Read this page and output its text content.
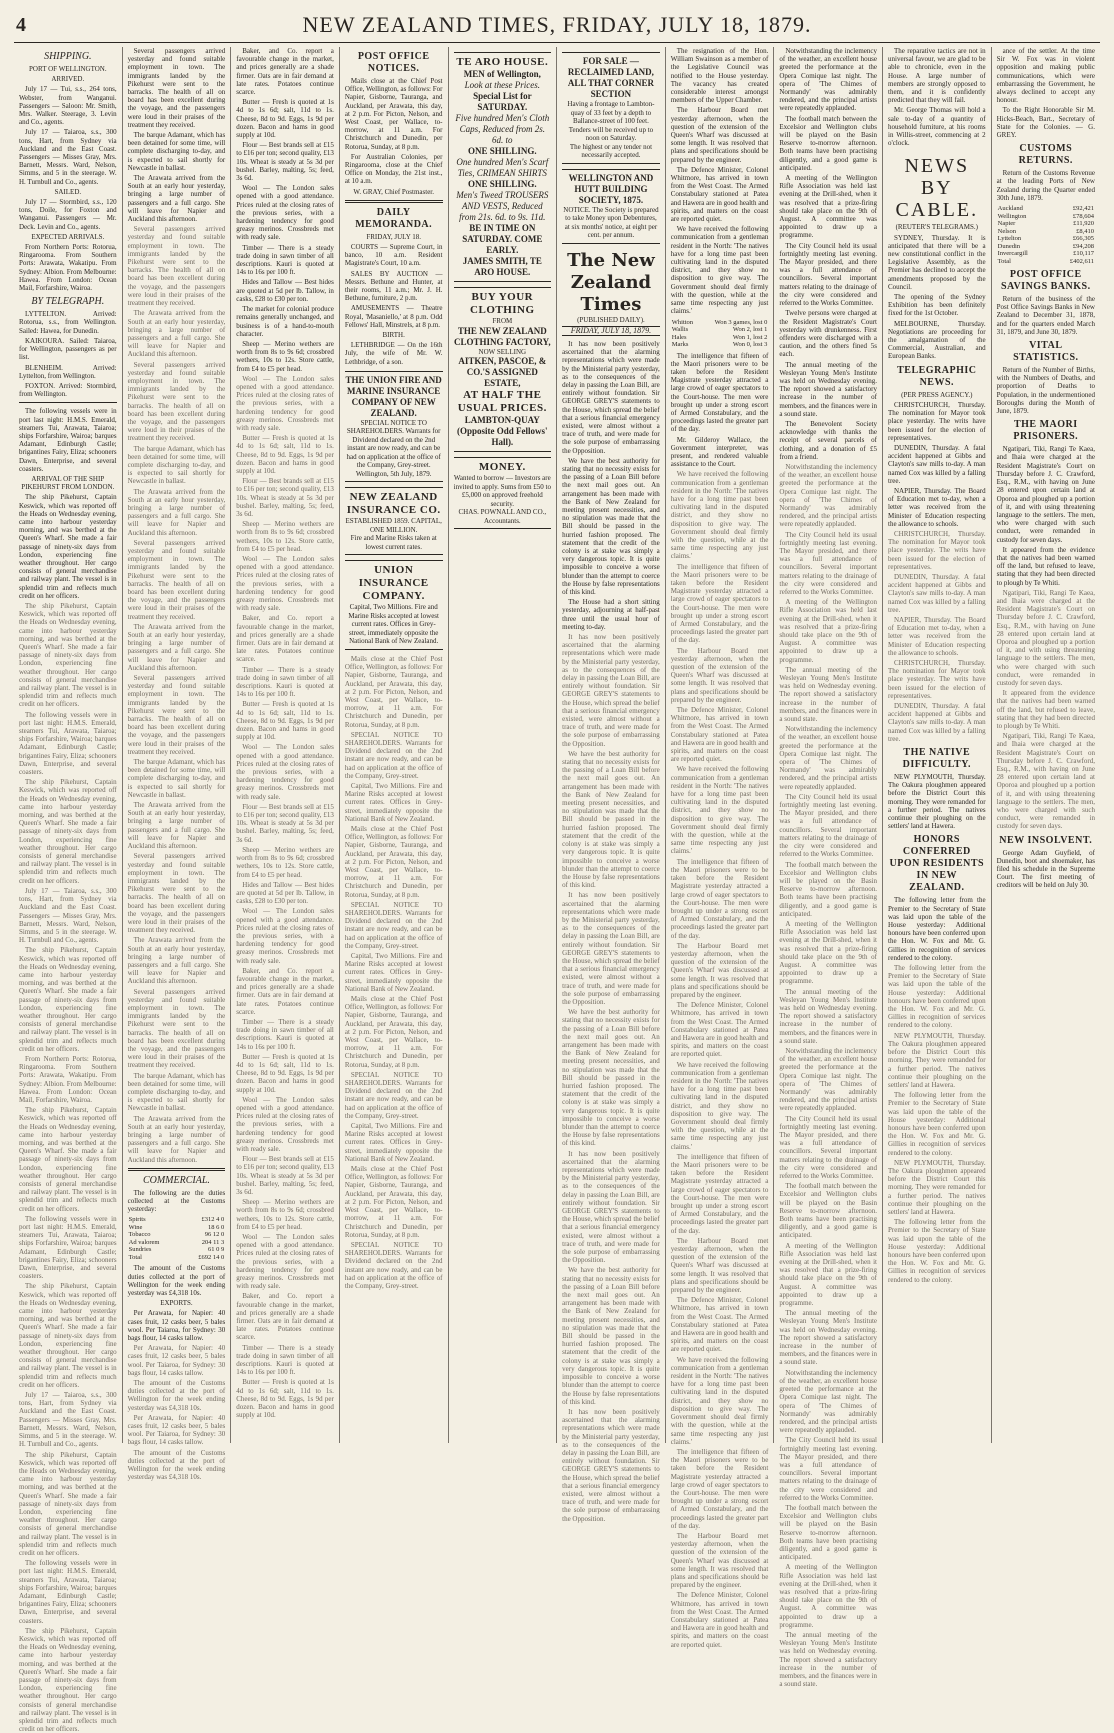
4	NEW ZEALAND TIMES, FRIDAY, JULY 18, 1879.
SHIPPING.
PORT OF WELLINGTON.
ARRIVED.

July 17 — Tui, s.s., 264 tons, Webster, from Wanganui. Passengers — Saloon: Mr. Smith, Mrs. Walker. Steerage, 3. Levin and Co., agents.

July 17 — Taiaroa, s.s., 300 tons, Hart, from Sydney via Auckland and the East Coast. Passengers — Misses Gray, Mrs. Barnett, Messrs. Ward, Nelson, Simms, and 5 in the steerage. W. H. Turnbull and Co., agents.

SAILED.

July 17 — Stormbird, s.s., 120 tons, Doile, for Foxton and Wanganui. Passengers — Mr. Deck. Levin and Co., agents.

EXPECTED ARRIVALS.

From Northern Ports: Rotorua, Ringarooma. From Southern Ports: Arawata, Wakatipu. From Sydney: Albion. From Melbourne: Hawea. From London: Ocean Mail, Forfarshire, Wairoa.

BY TELEGRAPH.

LYTTELTON. Arrived: Rotorua, s.s., from Wellington. Sailed: Hawea, for Dunedin.

KAIKOURA. Sailed: Taiaroa, for Wellington, passengers as per list.

BLENHEIM. Arrived: Lyttelton, from Wellington.

FOXTON. Arrived: Stormbird, from Wellington.

The following vessels were in port last night: H.M.S. Emerald, steamers Tui, Arawata, Taiaroa; ships Forfarshire, Wairoa; barques Adamant, Edinburgh Castle; brigantines Fairy, Eliza; schooners Dawn, Enterprise, and several coasters.

ARRIVAL OF THE SHIP PIKEHURST FROM LONDON.

The ship Pikehurst, Captain Keswick, which was reported off the Heads on Wednesday evening, came into harbour yesterday morning, and was berthed at the Queen's Wharf. She made a fair passage of ninety-six days from London, experiencing fine weather throughout. Her cargo consists of general merchandise and railway plant. The vessel is in splendid trim and reflects much credit on her officers.

The ship Pikehurst, Captain Keswick, which was reported off the Heads on Wednesday evening, came into harbour yesterday morning, and was berthed at the Queen's Wharf. She made a fair passage of ninety-six days from London, experiencing fine weather throughout. Her cargo consists of general merchandise and railway plant. The vessel is in splendid trim and reflects much credit on her officers.

The following vessels were in port last night: H.M.S. Emerald, steamers Tui, Arawata, Taiaroa; ships Forfarshire, Wairoa; barques Adamant, Edinburgh Castle; brigantines Fairy, Eliza; schooners Dawn, Enterprise, and several coasters.

The ship Pikehurst, Captain Keswick, which was reported off the Heads on Wednesday evening, came into harbour yesterday morning, and was berthed at the Queen's Wharf. She made a fair passage of ninety-six days from London, experiencing fine weather throughout. Her cargo consists of general merchandise and railway plant. The vessel is in splendid trim and reflects much credit on her officers.

July 17 — Taiaroa, s.s., 300 tons, Hart, from Sydney via Auckland and the East Coast. Passengers — Misses Gray, Mrs. Barnett, Messrs. Ward, Nelson, Simms, and 5 in the steerage. W. H. Turnbull and Co., agents.

The ship Pikehurst, Captain Keswick, which was reported off the Heads on Wednesday evening, came into harbour yesterday morning, and was berthed at the Queen's Wharf. She made a fair passage of ninety-six days from London, experiencing fine weather throughout. Her cargo consists of general merchandise and railway plant. The vessel is in splendid trim and reflects much credit on her officers.

From Northern Ports: Rotorua, Ringarooma. From Southern Ports: Arawata, Wakatipu. From Sydney: Albion. From Melbourne: Hawea. From London: Ocean Mail, Forfarshire, Wairoa.

The ship Pikehurst, Captain Keswick, which was reported off the Heads on Wednesday evening, came into harbour yesterday morning, and was berthed at the Queen's Wharf. She made a fair passage of ninety-six days from London, experiencing fine weather throughout. Her cargo consists of general merchandise and railway plant. The vessel is in splendid trim and reflects much credit on her officers.

The following vessels were in port last night: H.M.S. Emerald, steamers Tui, Arawata, Taiaroa; ships Forfarshire, Wairoa; barques Adamant, Edinburgh Castle; brigantines Fairy, Eliza; schooners Dawn, Enterprise, and several coasters.

The ship Pikehurst, Captain Keswick, which was reported off the Heads on Wednesday evening, came into harbour yesterday morning, and was berthed at the Queen's Wharf. She made a fair passage of ninety-six days from London, experiencing fine weather throughout. Her cargo consists of general merchandise and railway plant. The vessel is in splendid trim and reflects much credit on her officers.

July 17 — Taiaroa, s.s., 300 tons, Hart, from Sydney via Auckland and the East Coast. Passengers — Misses Gray, Mrs. Barnett, Messrs. Ward, Nelson, Simms, and 5 in the steerage. W. H. Turnbull and Co., agents.

The ship Pikehurst, Captain Keswick, which was reported off the Heads on Wednesday evening, came into harbour yesterday morning, and was berthed at the Queen's Wharf. She made a fair passage of ninety-six days from London, experiencing fine weather throughout. Her cargo consists of general merchandise and railway plant. The vessel is in splendid trim and reflects much credit on her officers.

The following vessels were in port last night: H.M.S. Emerald, steamers Tui, Arawata, Taiaroa; ships Forfarshire, Wairoa; barques Adamant, Edinburgh Castle; brigantines Fairy, Eliza; schooners Dawn, Enterprise, and several coasters.

The ship Pikehurst, Captain Keswick, which was reported off the Heads on Wednesday evening, came into harbour yesterday morning, and was berthed at the Queen's Wharf. She made a fair passage of ninety-six days from London, experiencing fine weather throughout. Her cargo consists of general merchandise and railway plant. The vessel is in splendid trim and reflects much credit on her officers.

Several passengers arrived yesterday and found suitable employment in town. The immigrants landed by the Pikehurst were sent to the barracks. The health of all on board has been excellent during the voyage, and the passengers were loud in their praises of the treatment they received.

The barque Adamant, which has been detained for some time, will complete discharging to-day, and is expected to sail shortly for Newcastle in ballast.

The Arawata arrived from the South at an early hour yesterday, bringing a large number of passengers and a full cargo. She will leave for Napier and Auckland this afternoon.

Several passengers arrived yesterday and found suitable employment in town. The immigrants landed by the Pikehurst were sent to the barracks. The health of all on board has been excellent during the voyage, and the passengers were loud in their praises of the treatment they received.

The Arawata arrived from the South at an early hour yesterday, bringing a large number of passengers and a full cargo. She will leave for Napier and Auckland this afternoon.

Several passengers arrived yesterday and found suitable employment in town. The immigrants landed by the Pikehurst were sent to the barracks. The health of all on board has been excellent during the voyage, and the passengers were loud in their praises of the treatment they received.

The barque Adamant, which has been detained for some time, will complete discharging to-day, and is expected to sail shortly for Newcastle in ballast.

The Arawata arrived from the South at an early hour yesterday, bringing a large number of passengers and a full cargo. She will leave for Napier and Auckland this afternoon.

Several passengers arrived yesterday and found suitable employment in town. The immigrants landed by the Pikehurst were sent to the barracks. The health of all on board has been excellent during the voyage, and the passengers were loud in their praises of the treatment they received.

The Arawata arrived from the South at an early hour yesterday, bringing a large number of passengers and a full cargo. She will leave for Napier and Auckland this afternoon.

Several passengers arrived yesterday and found suitable employment in town. The immigrants landed by the Pikehurst were sent to the barracks. The health of all on board has been excellent during the voyage, and the passengers were loud in their praises of the treatment they received.

The barque Adamant, which has been detained for some time, will complete discharging to-day, and is expected to sail shortly for Newcastle in ballast.

The Arawata arrived from the South at an early hour yesterday, bringing a large number of passengers and a full cargo. She will leave for Napier and Auckland this afternoon.

Several passengers arrived yesterday and found suitable employment in town. The immigrants landed by the Pikehurst were sent to the barracks. The health of all on board has been excellent during the voyage, and the passengers were loud in their praises of the treatment they received.

The Arawata arrived from the South at an early hour yesterday, bringing a large number of passengers and a full cargo. She will leave for Napier and Auckland this afternoon.

Several passengers arrived yesterday and found suitable employment in town. The immigrants landed by the Pikehurst were sent to the barracks. The health of all on board has been excellent during the voyage, and the passengers were loud in their praises of the treatment they received.

The barque Adamant, which has been detained for some time, will complete discharging to-day, and is expected to sail shortly for Newcastle in ballast.

The Arawata arrived from the South at an early hour yesterday, bringing a large number of passengers and a full cargo. She will leave for Napier and Auckland this afternoon.

COMMERCIAL.

The following are the duties collected at the Customs yesterday:

Spirits	£312 4 0
Wine	18 6 0
Tobacco	96 12 0
Ad valorem	204 11 3
Sundries	61 0 9
Total	£692 14 0

The amount of the Customs duties collected at the port of Wellington for the week ending yesterday was £4,318 10s.

EXPORTS.

Per Arawata, for Napier: 40 cases fruit, 12 casks beer, 5 bales wool. Per Taiaroa, for Sydney: 30 bags flour, 14 casks tallow.

Per Arawata, for Napier: 40 cases fruit, 12 casks beer, 5 bales wool. Per Taiaroa, for Sydney: 30 bags flour, 14 casks tallow.

The amount of the Customs duties collected at the port of Wellington for the week ending yesterday was £4,318 10s.

Per Arawata, for Napier: 40 cases fruit, 12 casks beer, 5 bales wool. Per Taiaroa, for Sydney: 30 bags flour, 14 casks tallow.

The amount of the Customs duties collected at the port of Wellington for the week ending yesterday was £4,318 10s.

Baker, and Co. report a favourable change in the market, and prices generally are a shade firmer. Oats are in fair demand at late rates. Potatoes continue scarce.

Butter — Fresh is quoted at 1s 4d to 1s 6d; salt, 11d to 1s. Cheese, 8d to 9d. Eggs, 1s 9d per dozen. Bacon and hams in good supply at 10d.

Flour — Best brands sell at £15 to £16 per ton; second quality, £13 10s. Wheat is steady at 5s 3d per bushel. Barley, malting, 5s; feed, 3s 6d.

Wool — The London sales opened with a good attendance. Prices ruled at the closing rates of the previous series, with a hardening tendency for good greasy merinos. Crossbreds met with ready sale.

Timber — There is a steady trade doing in sawn timber of all descriptions. Kauri is quoted at 14s to 16s per 100 ft.

Hides and Tallow — Best hides are quoted at 5d per lb. Tallow, in casks, £28 to £30 per ton.

The market for colonial produce remains generally unchanged, and business is of a hand-to-mouth character.

Sheep — Merino wethers are worth from 8s to 9s 6d; crossbred wethers, 10s to 12s. Store cattle, from £4 to £5 per head.

Wool — The London sales opened with a good attendance. Prices ruled at the closing rates of the previous series, with a hardening tendency for good greasy merinos. Crossbreds met with ready sale.

Butter — Fresh is quoted at 1s 4d to 1s 6d; salt, 11d to 1s. Cheese, 8d to 9d. Eggs, 1s 9d per dozen. Bacon and hams in good supply at 10d.

Flour — Best brands sell at £15 to £16 per ton; second quality, £13 10s. Wheat is steady at 5s 3d per bushel. Barley, malting, 5s; feed, 3s 6d.

Sheep — Merino wethers are worth from 8s to 9s 6d; crossbred wethers, 10s to 12s. Store cattle, from £4 to £5 per head.

Wool — The London sales opened with a good attendance. Prices ruled at the closing rates of the previous series, with a hardening tendency for good greasy merinos. Crossbreds met with ready sale.

Baker, and Co. report a favourable change in the market, and prices generally are a shade firmer. Oats are in fair demand at late rates. Potatoes continue scarce.

Timber — There is a steady trade doing in sawn timber of all descriptions. Kauri is quoted at 14s to 16s per 100 ft.

Butter — Fresh is quoted at 1s 4d to 1s 6d; salt, 11d to 1s. Cheese, 8d to 9d. Eggs, 1s 9d per dozen. Bacon and hams in good supply at 10d.

Wool — The London sales opened with a good attendance. Prices ruled at the closing rates of the previous series, with a hardening tendency for good greasy merinos. Crossbreds met with ready sale.

Flour — Best brands sell at £15 to £16 per ton; second quality, £13 10s. Wheat is steady at 5s 3d per bushel. Barley, malting, 5s; feed, 3s 6d.

Sheep — Merino wethers are worth from 8s to 9s 6d; crossbred wethers, 10s to 12s. Store cattle, from £4 to £5 per head.

Hides and Tallow — Best hides are quoted at 5d per lb. Tallow, in casks, £28 to £30 per ton.

Wool — The London sales opened with a good attendance. Prices ruled at the closing rates of the previous series, with a hardening tendency for good greasy merinos. Crossbreds met with ready sale.

Baker, and Co. report a favourable change in the market, and prices generally are a shade firmer. Oats are in fair demand at late rates. Potatoes continue scarce.

Timber — There is a steady trade doing in sawn timber of all descriptions. Kauri is quoted at 14s to 16s per 100 ft.

Butter — Fresh is quoted at 1s 4d to 1s 6d; salt, 11d to 1s. Cheese, 8d to 9d. Eggs, 1s 9d per dozen. Bacon and hams in good supply at 10d.

Wool — The London sales opened with a good attendance. Prices ruled at the closing rates of the previous series, with a hardening tendency for good greasy merinos. Crossbreds met with ready sale.

Flour — Best brands sell at £15 to £16 per ton; second quality, £13 10s. Wheat is steady at 5s 3d per bushel. Barley, malting, 5s; feed, 3s 6d.

Sheep — Merino wethers are worth from 8s to 9s 6d; crossbred wethers, 10s to 12s. Store cattle, from £4 to £5 per head.

Wool — The London sales opened with a good attendance. Prices ruled at the closing rates of the previous series, with a hardening tendency for good greasy merinos. Crossbreds met with ready sale.

Baker, and Co. report a favourable change in the market, and prices generally are a shade firmer. Oats are in fair demand at late rates. Potatoes continue scarce.

Timber — There is a steady trade doing in sawn timber of all descriptions. Kauri is quoted at 14s to 16s per 100 ft.

Butter — Fresh is quoted at 1s 4d to 1s 6d; salt, 11d to 1s. Cheese, 8d to 9d. Eggs, 1s 9d per dozen. Bacon and hams in good supply at 10d.

POST OFFICE NOTICES.

Mails close at the Chief Post Office, Wellington, as follows: For Napier, Gisborne, Tauranga, and Auckland, per Arawata, this day, at 2 p.m. For Picton, Nelson, and West Coast, per Wallace, to-morrow, at 11 a.m. For Christchurch and Dunedin, per Rotorua, Sunday, at 8 p.m.

For Australian Colonies, per Ringarooma, close at the Chief Office on Monday, the 21st inst., at 10 a.m.

W. GRAY, Chief Postmaster.
DAILY MEMORANDA.
FRIDAY, JULY 18.

COURTS — Supreme Court, in banco, 10 a.m. Resident Magistrate's Court, 10 a.m.

SALES BY AUCTION — Messrs. Bethune and Hunter, at their rooms, 11 a.m.; Mr. J. H. Bethune, furniture, 2 p.m.

AMUSEMENTS — Theatre Royal, 'Masaniello,' at 8 p.m. Odd Fellows' Hall, Minstrels, at 8 p.m.

BIRTH.

LETHBRIDGE — On the 16th July, the wife of Mr. W. Lethbridge, of a son.

THE UNION FIRE AND MARINE INSURANCE COMPANY OF NEW ZEALAND.
SPECIAL NOTICE TO SHAREHOLDERS. Warrants for Dividend declared on the 2nd instant are now ready, and can be had on application at the office of the Company, Grey-street.
Wellington, 5th July, 1879.
NEW ZEALAND INSURANCE CO.
ESTABLISHED 1859. CAPITAL, ONE MILLION.
Fire and Marine Risks taken at lowest current rates.
UNION INSURANCE COMPANY.
Capital, Two Millions. Fire and Marine Risks accepted at lowest current rates. Offices in Grey-street, immediately opposite the National Bank of New Zealand.

Mails close at the Chief Post Office, Wellington, as follows: For Napier, Gisborne, Tauranga, and Auckland, per Arawata, this day, at 2 p.m. For Picton, Nelson, and West Coast, per Wallace, to-morrow, at 11 a.m. For Christchurch and Dunedin, per Rotorua, Sunday, at 8 p.m.

SPECIAL NOTICE TO SHAREHOLDERS. Warrants for Dividend declared on the 2nd instant are now ready, and can be had on application at the office of the Company, Grey-street.

Capital, Two Millions. Fire and Marine Risks accepted at lowest current rates. Offices in Grey-street, immediately opposite the National Bank of New Zealand.

Mails close at the Chief Post Office, Wellington, as follows: For Napier, Gisborne, Tauranga, and Auckland, per Arawata, this day, at 2 p.m. For Picton, Nelson, and West Coast, per Wallace, to-morrow, at 11 a.m. For Christchurch and Dunedin, per Rotorua, Sunday, at 8 p.m.

SPECIAL NOTICE TO SHAREHOLDERS. Warrants for Dividend declared on the 2nd instant are now ready, and can be had on application at the office of the Company, Grey-street.

Capital, Two Millions. Fire and Marine Risks accepted at lowest current rates. Offices in Grey-street, immediately opposite the National Bank of New Zealand.

Mails close at the Chief Post Office, Wellington, as follows: For Napier, Gisborne, Tauranga, and Auckland, per Arawata, this day, at 2 p.m. For Picton, Nelson, and West Coast, per Wallace, to-morrow, at 11 a.m. For Christchurch and Dunedin, per Rotorua, Sunday, at 8 p.m.

SPECIAL NOTICE TO SHAREHOLDERS. Warrants for Dividend declared on the 2nd instant are now ready, and can be had on application at the office of the Company, Grey-street.

Capital, Two Millions. Fire and Marine Risks accepted at lowest current rates. Offices in Grey-street, immediately opposite the National Bank of New Zealand.

Mails close at the Chief Post Office, Wellington, as follows: For Napier, Gisborne, Tauranga, and Auckland, per Arawata, this day, at 2 p.m. For Picton, Nelson, and West Coast, per Wallace, to-morrow, at 11 a.m. For Christchurch and Dunedin, per Rotorua, Sunday, at 8 p.m.

SPECIAL NOTICE TO SHAREHOLDERS. Warrants for Dividend declared on the 2nd instant are now ready, and can be had on application at the office of the Company, Grey-street.

TE ARO HOUSE.
MEN of Wellington,
Look at these Prices.
Special List for SATURDAY.
Five hundred Men's Cloth Caps, Reduced from 2s. 6d. to
ONE SHILLING.
One hundred Men's Scarf Ties, CRIMEAN SHIRTS
ONE SHILLING.
Men's Tweed TROUSERS AND VESTS, Reduced from 21s. 6d. to 9s. 11d.
BE IN TIME ON SATURDAY. COME EARLY.
JAMES SMITH, TE ARO HOUSE.
BUY YOUR CLOTHING
FROM
THE NEW ZEALAND CLOTHING FACTORY,
NOW SELLING
AITKEN, PASCOE, & CO.'S ASSIGNED ESTATE,
AT HALF THE USUAL PRICES.
LAMBTON-QUAY (Opposite Odd Fellows' Hall).
MONEY.
Wanted to borrow — Investors are invited to apply. Sums from £50 to £5,000 on approved freehold security.
CHAS. POWNALL AND CO., Accountants.
FOR SALE — RECLAIMED LAND, ALL THAT CORNER SECTION
Having a frontage to Lambton-quay of 33 feet by a depth to Ballance-street of 100 feet. Tenders will be received up to noon on Saturday.
The highest or any tender not necessarily accepted.
WELLINGTON AND HUTT BUILDING SOCIETY, 1875.
NOTICE. The Society is prepared to take Money upon Debentures, at six months' notice, at eight per cent. per annum.
The New Zealand Times
(PUBLISHED DAILY).
FRIDAY, JULY 18, 1879.

It has now been positively ascertained that the alarming representations which were made by the Ministerial party yesterday, as to the consequences of the delay in passing the Loan Bill, are entirely without foundation. Sir GEORGE GREY'S statements to the House, which spread the belief that a serious financial emergency existed, were almost without a trace of truth, and were made for the sole purpose of embarrassing the Opposition.

We have the best authority for stating that no necessity exists for the passing of a Loan Bill before the next mail goes out. An arrangement has been made with the Bank of New Zealand for meeting present necessities, and no stipulation was made that the Bill should be passed in the hurried fashion proposed. The statement that the credit of the colony is at stake was simply a very dangerous topic. It is quite impossible to conceive a worse blunder than the attempt to coerce the House by false representations of this kind.

The House had a short sitting yesterday, adjourning at half-past three until the usual hour of meeting to-day.

It has now been positively ascertained that the alarming representations which were made by the Ministerial party yesterday, as to the consequences of the delay in passing the Loan Bill, are entirely without foundation. Sir GEORGE GREY'S statements to the House, which spread the belief that a serious financial emergency existed, were almost without a trace of truth, and were made for the sole purpose of embarrassing the Opposition.

We have the best authority for stating that no necessity exists for the passing of a Loan Bill before the next mail goes out. An arrangement has been made with the Bank of New Zealand for meeting present necessities, and no stipulation was made that the Bill should be passed in the hurried fashion proposed. The statement that the credit of the colony is at stake was simply a very dangerous topic. It is quite impossible to conceive a worse blunder than the attempt to coerce the House by false representations of this kind.

It has now been positively ascertained that the alarming representations which were made by the Ministerial party yesterday, as to the consequences of the delay in passing the Loan Bill, are entirely without foundation. Sir GEORGE GREY'S statements to the House, which spread the belief that a serious financial emergency existed, were almost without a trace of truth, and were made for the sole purpose of embarrassing the Opposition.

We have the best authority for stating that no necessity exists for the passing of a Loan Bill before the next mail goes out. An arrangement has been made with the Bank of New Zealand for meeting present necessities, and no stipulation was made that the Bill should be passed in the hurried fashion proposed. The statement that the credit of the colony is at stake was simply a very dangerous topic. It is quite impossible to conceive a worse blunder than the attempt to coerce the House by false representations of this kind.

It has now been positively ascertained that the alarming representations which were made by the Ministerial party yesterday, as to the consequences of the delay in passing the Loan Bill, are entirely without foundation. Sir GEORGE GREY'S statements to the House, which spread the belief that a serious financial emergency existed, were almost without a trace of truth, and were made for the sole purpose of embarrassing the Opposition.

We have the best authority for stating that no necessity exists for the passing of a Loan Bill before the next mail goes out. An arrangement has been made with the Bank of New Zealand for meeting present necessities, and no stipulation was made that the Bill should be passed in the hurried fashion proposed. The statement that the credit of the colony is at stake was simply a very dangerous topic. It is quite impossible to conceive a worse blunder than the attempt to coerce the House by false representations of this kind.

It has now been positively ascertained that the alarming representations which were made by the Ministerial party yesterday, as to the consequences of the delay in passing the Loan Bill, are entirely without foundation. Sir GEORGE GREY'S statements to the House, which spread the belief that a serious financial emergency existed, were almost without a trace of truth, and were made for the sole purpose of embarrassing the Opposition.

The resignation of the Hon. William Swainson as a member of the Legislative Council was notified to the House yesterday. The vacancy has created considerable interest amongst members of the Upper Chamber.

The Harbour Board met yesterday afternoon, when the question of the extension of the Queen's Wharf was discussed at some length. It was resolved that plans and specifications should be prepared by the engineer.

The Defence Minister, Colonel Whitmore, has arrived in town from the West Coast. The Armed Constabulary stationed at Patea and Hawera are in good health and spirits, and matters on the coast are reported quiet.

We have received the following communication from a gentleman resident in the North: 'The natives have for a long time past been cultivating land in the disputed district, and they show no disposition to give way. The Government should deal firmly with the question, while at the same time respecting any just claims.'

Whitton	Won 3 games, lost 0
Wallis	Won 2, lost 1
Hales	Won 1, lost 2
Marks	Won 0, lost 3

The intelligence that fifteen of the Maori prisoners were to be taken before the Resident Magistrate yesterday attracted a large crowd of eager spectators to the Court-house. The men were brought up under a strong escort of Armed Constabulary, and the proceedings lasted the greater part of the day.

Mr. Gilderoy Wallace, the Government interpreter, was present, and rendered valuable assistance to the Court.

We have received the following communication from a gentleman resident in the North: 'The natives have for a long time past been cultivating land in the disputed district, and they show no disposition to give way. The Government should deal firmly with the question, while at the same time respecting any just claims.'

The intelligence that fifteen of the Maori prisoners were to be taken before the Resident Magistrate yesterday attracted a large crowd of eager spectators to the Court-house. The men were brought up under a strong escort of Armed Constabulary, and the proceedings lasted the greater part of the day.

The Harbour Board met yesterday afternoon, when the question of the extension of the Queen's Wharf was discussed at some length. It was resolved that plans and specifications should be prepared by the engineer.

The Defence Minister, Colonel Whitmore, has arrived in town from the West Coast. The Armed Constabulary stationed at Patea and Hawera are in good health and spirits, and matters on the coast are reported quiet.

We have received the following communication from a gentleman resident in the North: 'The natives have for a long time past been cultivating land in the disputed district, and they show no disposition to give way. The Government should deal firmly with the question, while at the same time respecting any just claims.'

The intelligence that fifteen of the Maori prisoners were to be taken before the Resident Magistrate yesterday attracted a large crowd of eager spectators to the Court-house. The men were brought up under a strong escort of Armed Constabulary, and the proceedings lasted the greater part of the day.

The Harbour Board met yesterday afternoon, when the question of the extension of the Queen's Wharf was discussed at some length. It was resolved that plans and specifications should be prepared by the engineer.

The Defence Minister, Colonel Whitmore, has arrived in town from the West Coast. The Armed Constabulary stationed at Patea and Hawera are in good health and spirits, and matters on the coast are reported quiet.

We have received the following communication from a gentleman resident in the North: 'The natives have for a long time past been cultivating land in the disputed district, and they show no disposition to give way. The Government should deal firmly with the question, while at the same time respecting any just claims.'

The intelligence that fifteen of the Maori prisoners were to be taken before the Resident Magistrate yesterday attracted a large crowd of eager spectators to the Court-house. The men were brought up under a strong escort of Armed Constabulary, and the proceedings lasted the greater part of the day.

The Harbour Board met yesterday afternoon, when the question of the extension of the Queen's Wharf was discussed at some length. It was resolved that plans and specifications should be prepared by the engineer.

The Defence Minister, Colonel Whitmore, has arrived in town from the West Coast. The Armed Constabulary stationed at Patea and Hawera are in good health and spirits, and matters on the coast are reported quiet.

We have received the following communication from a gentleman resident in the North: 'The natives have for a long time past been cultivating land in the disputed district, and they show no disposition to give way. The Government should deal firmly with the question, while at the same time respecting any just claims.'

The intelligence that fifteen of the Maori prisoners were to be taken before the Resident Magistrate yesterday attracted a large crowd of eager spectators to the Court-house. The men were brought up under a strong escort of Armed Constabulary, and the proceedings lasted the greater part of the day.

The Harbour Board met yesterday afternoon, when the question of the extension of the Queen's Wharf was discussed at some length. It was resolved that plans and specifications should be prepared by the engineer.

The Defence Minister, Colonel Whitmore, has arrived in town from the West Coast. The Armed Constabulary stationed at Patea and Hawera are in good health and spirits, and matters on the coast are reported quiet.

Notwithstanding the inclemency of the weather, an excellent house greeted the performance at the Opera Comique last night. The opera of 'The Chimes of Normandy' was admirably rendered, and the principal artists were repeatedly applauded.

The football match between the Excelsior and Wellington clubs will be played on the Basin Reserve to-morrow afternoon. Both teams have been practising diligently, and a good game is anticipated.

A meeting of the Wellington Rifle Association was held last evening at the Drill-shed, when it was resolved that a prize-firing should take place on the 9th of August. A committee was appointed to draw up a programme.

The City Council held its usual fortnightly meeting last evening. The Mayor presided, and there was a full attendance of councillors. Several important matters relating to the drainage of the city were considered and referred to the Works Committee.

Twelve persons were charged at the Resident Magistrate's Court yesterday with drunkenness. First offenders were discharged with a caution, and the others fined 5s each.

The annual meeting of the Wesleyan Young Men's Institute was held on Wednesday evening. The report showed a satisfactory increase in the number of members, and the finances were in a sound state.

The Benevolent Society acknowledge with thanks the receipt of several parcels of clothing, and a donation of £5 from a friend.

Notwithstanding the inclemency of the weather, an excellent house greeted the performance at the Opera Comique last night. The opera of 'The Chimes of Normandy' was admirably rendered, and the principal artists were repeatedly applauded.

The City Council held its usual fortnightly meeting last evening. The Mayor presided, and there was a full attendance of councillors. Several important matters relating to the drainage of the city were considered and referred to the Works Committee.

A meeting of the Wellington Rifle Association was held last evening at the Drill-shed, when it was resolved that a prize-firing should take place on the 9th of August. A committee was appointed to draw up a programme.

The annual meeting of the Wesleyan Young Men's Institute was held on Wednesday evening. The report showed a satisfactory increase in the number of members, and the finances were in a sound state.

Notwithstanding the inclemency of the weather, an excellent house greeted the performance at the Opera Comique last night. The opera of 'The Chimes of Normandy' was admirably rendered, and the principal artists were repeatedly applauded.

The City Council held its usual fortnightly meeting last evening. The Mayor presided, and there was a full attendance of councillors. Several important matters relating to the drainage of the city were considered and referred to the Works Committee.

The football match between the Excelsior and Wellington clubs will be played on the Basin Reserve to-morrow afternoon. Both teams have been practising diligently, and a good game is anticipated.

A meeting of the Wellington Rifle Association was held last evening at the Drill-shed, when it was resolved that a prize-firing should take place on the 9th of August. A committee was appointed to draw up a programme.

The annual meeting of the Wesleyan Young Men's Institute was held on Wednesday evening. The report showed a satisfactory increase in the number of members, and the finances were in a sound state.

Notwithstanding the inclemency of the weather, an excellent house greeted the performance at the Opera Comique last night. The opera of 'The Chimes of Normandy' was admirably rendered, and the principal artists were repeatedly applauded.

The City Council held its usual fortnightly meeting last evening. The Mayor presided, and there was a full attendance of councillors. Several important matters relating to the drainage of the city were considered and referred to the Works Committee.

The football match between the Excelsior and Wellington clubs will be played on the Basin Reserve to-morrow afternoon. Both teams have been practising diligently, and a good game is anticipated.

A meeting of the Wellington Rifle Association was held last evening at the Drill-shed, when it was resolved that a prize-firing should take place on the 9th of August. A committee was appointed to draw up a programme.

The annual meeting of the Wesleyan Young Men's Institute was held on Wednesday evening. The report showed a satisfactory increase in the number of members, and the finances were in a sound state.

Notwithstanding the inclemency of the weather, an excellent house greeted the performance at the Opera Comique last night. The opera of 'The Chimes of Normandy' was admirably rendered, and the principal artists were repeatedly applauded.

The City Council held its usual fortnightly meeting last evening. The Mayor presided, and there was a full attendance of councillors. Several important matters relating to the drainage of the city were considered and referred to the Works Committee.

The football match between the Excelsior and Wellington clubs will be played on the Basin Reserve to-morrow afternoon. Both teams have been practising diligently, and a good game is anticipated.

A meeting of the Wellington Rifle Association was held last evening at the Drill-shed, when it was resolved that a prize-firing should take place on the 9th of August. A committee was appointed to draw up a programme.

The annual meeting of the Wesleyan Young Men's Institute was held on Wednesday evening. The report showed a satisfactory increase in the number of members, and the finances were in a sound state.

The reparative tactics are not in universal favour, we are glad to be able to chronicle, even in the House. A large number of members are strongly opposed to them, and it is confidently predicted that they will fail.

Mr. George Thomas will hold a sale to-day of a quantity of household furniture, at his rooms in Willis-street, commencing at 2 o'clock.

NEWS BY CABLE.
(REUTER'S TELEGRAMS.)

SYDNEY, Thursday. It is anticipated that there will be a new constitutional conflict in the Legislative Assembly, as the Premier has declined to accept the amendments proposed by the Council.

The opening of the Sydney Exhibition has been definitely fixed for the 1st October.

MELBOURNE, Thursday. Negotiations are proceeding for the amalgamation of the Commercial, Australian, and European Banks.

TELEGRAPHIC NEWS.
(PER PRESS AGENCY.)

CHRISTCHURCH, Thursday. The nomination for Mayor took place yesterday. The writs have been issued for the election of representatives.

DUNEDIN, Thursday. A fatal accident happened at Gibbs and Clayton's saw mills to-day. A man named Cox was killed by a falling tree.

NAPIER, Thursday. The Board of Education met to-day, when a letter was received from the Minister of Education respecting the allowance to schools.

CHRISTCHURCH, Thursday. The nomination for Mayor took place yesterday. The writs have been issued for the election of representatives.

DUNEDIN, Thursday. A fatal accident happened at Gibbs and Clayton's saw mills to-day. A man named Cox was killed by a falling tree.

NAPIER, Thursday. The Board of Education met to-day, when a letter was received from the Minister of Education respecting the allowance to schools.

CHRISTCHURCH, Thursday. The nomination for Mayor took place yesterday. The writs have been issued for the election of representatives.

DUNEDIN, Thursday. A fatal accident happened at Gibbs and Clayton's saw mills to-day. A man named Cox was killed by a falling tree.

THE NATIVE DIFFICULTY.

NEW PLYMOUTH, Thursday. The Oakura ploughmen appeared before the District Court this morning. They were remanded for a further period. The natives continue their ploughing on the settlers' land at Hawera.

HONORS CONFERRED UPON RESIDENTS IN NEW ZEALAND.

The following letter from the Premier to the Secretary of State was laid upon the table of the House yesterday: Additional honours have been conferred upon the Hon. W. Fox and Mr. G. Gillies in recognition of services rendered to the colony.

The following letter from the Premier to the Secretary of State was laid upon the table of the House yesterday: Additional honours have been conferred upon the Hon. W. Fox and Mr. G. Gillies in recognition of services rendered to the colony.

NEW PLYMOUTH, Thursday. The Oakura ploughmen appeared before the District Court this morning. They were remanded for a further period. The natives continue their ploughing on the settlers' land at Hawera.

The following letter from the Premier to the Secretary of State was laid upon the table of the House yesterday: Additional honours have been conferred upon the Hon. W. Fox and Mr. G. Gillies in recognition of services rendered to the colony.

NEW PLYMOUTH, Thursday. The Oakura ploughmen appeared before the District Court this morning. They were remanded for a further period. The natives continue their ploughing on the settlers' land at Hawera.

The following letter from the Premier to the Secretary of State was laid upon the table of the House yesterday: Additional honours have been conferred upon the Hon. W. Fox and Mr. G. Gillies in recognition of services rendered to the colony.

ance of the settler. At the time Sir W. Fox was in violent opposition and making public communications, which were embarrassing the Government, he always declined to accept any honour.

To the Right Honorable Sir M. Hicks-Beach, Bart., Secretary of State for the Colonies. — G. GREY.

CUSTOMS RETURNS.

Return of the Customs Revenue at the leading Ports of New Zealand during the Quarter ended 30th June, 1879.

Auckland	£92,421
Wellington	£78,604
Napier	£11,920
Nelson	£8,410
Lyttelton	£66,305
Dunedin	£94,208
Invercargill	£10,117
Total	£402,611
POST OFFICE SAVINGS BANKS.

Return of the business of the Post Office Savings Banks in New Zealand to December 31, 1878, and for the quarters ended March 31, 1879, and June 30, 1879.

VITAL STATISTICS.

Return of the Number of Births, with the Numbers of Deaths, and proportion of Deaths to Population, in the undermentioned Boroughs during the Month of June, 1879.

THE MAORI PRISONERS.

Ngatipari, Tiki, Rangi Te Kaea, and Ihaia were charged at the Resident Magistrate's Court on Thursday before J. C. Crawford, Esq., R.M., with having on June 28 entered upon certain land at Oporoa and ploughed up a portion of it, and with using threatening language to the settlers. The men, who were charged with such conduct, were remanded in custody for seven days.

It appeared from the evidence that the natives had been warned off the land, but refused to leave, stating that they had been directed to plough by Te Whiti.

Ngatipari, Tiki, Rangi Te Kaea, and Ihaia were charged at the Resident Magistrate's Court on Thursday before J. C. Crawford, Esq., R.M., with having on June 28 entered upon certain land at Oporoa and ploughed up a portion of it, and with using threatening language to the settlers. The men, who were charged with such conduct, were remanded in custody for seven days.

It appeared from the evidence that the natives had been warned off the land, but refused to leave, stating that they had been directed to plough by Te Whiti.

Ngatipari, Tiki, Rangi Te Kaea, and Ihaia were charged at the Resident Magistrate's Court on Thursday before J. C. Crawford, Esq., R.M., with having on June 28 entered upon certain land at Oporoa and ploughed up a portion of it, and with using threatening language to the settlers. The men, who were charged with such conduct, were remanded in custody for seven days.

NEW INSOLVENT.

George Adam Guyfield, of Dunedin, boot and shoemaker, has filed his schedule in the Supreme Court. The first meeting of creditors will be held on July 30.
